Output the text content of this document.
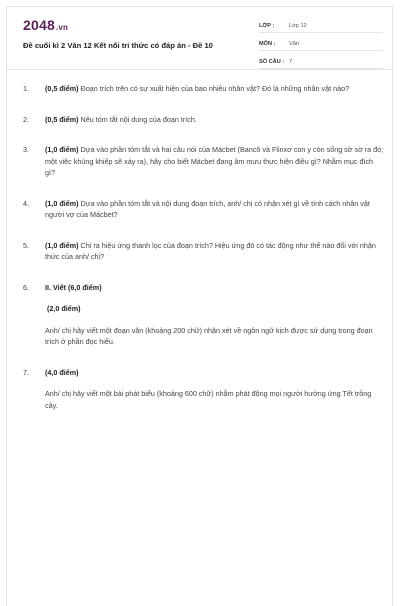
2048.vn
Đề cuối kì 2 Văn 12 Kết nối tri thức có đáp án - Đề 10
LỚP :	Lớp 12
MÔN :	Văn
SỐ CÂU : 7
1. (0,5 điểm) Đoạn trích trên có sự xuất hiện của bao nhiêu nhân vật? Đó là những nhân vật nào?
2. (0,5 điểm) Nêu tóm tắt nội dung của đoạn trích.
3. (1,0 điểm) Dựa vào phần tóm tắt và hai câu nói của Mácbet (Bancô và Flinxơ con y còn sống sờ sờ ra đó; một việc khủng khiếp sẽ xảy ra), hãy cho biết Mácbet đang âm mưu thực hiện điều gì? Nhằm mục đích gì?
4. (1,0 điểm) Dựa vào phần tóm tắt và nội dung đoạn trích, anh/ chị có nhận xét gì về tính cách nhân vật người vợ của Mácbet?
5. (1,0 điểm) Chỉ ra hiệu ứng thanh lọc của đoạn trích? Hiệu ứng đó có tác động như thế nào đối với nhận thức của anh/ chị?
6. II. Viết (6,0 điểm)
(2,0 điểm)
Anh/ chị hãy viết một đoạn văn (khoảng 200 chữ) nhận xét về ngôn ngữ kịch được sử dụng trong đoạn trích ở phần đọc hiểu.
7. (4,0 điểm)
Anh/ chị hãy viết một bài phát biểu (khoảng 600 chữ) nhằm phát động mọi người hưởng ứng Tết trồng cây.
